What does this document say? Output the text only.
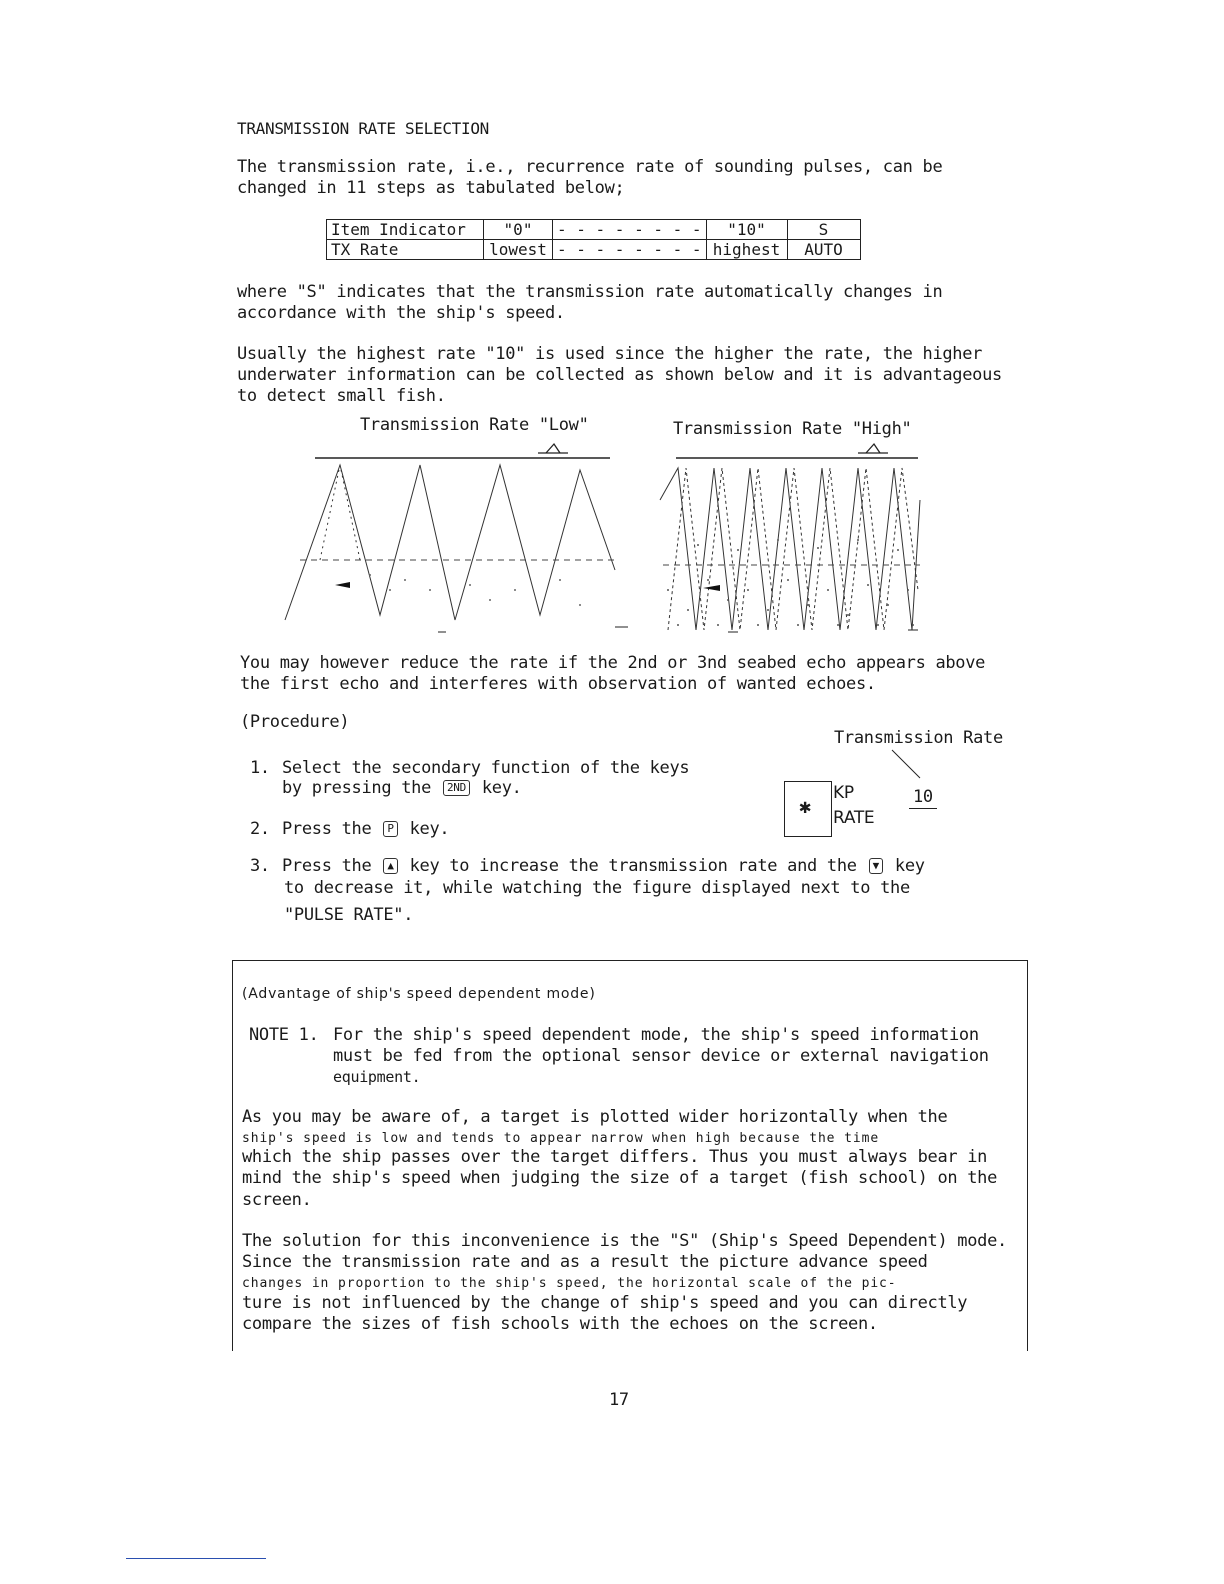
TRANSMISSION RATE SELECTION
The transmission rate, i.e., recurrence rate of sounding pulses, can be
changed in 11 steps as tabulated below;
Item Indicator	"0"	- - - - - - - -	"10"	S
TX Rate	lowest	- - - - - - - -	highest	AUTO
where "S" indicates that the transmission rate automatically changes in
accordance with the ship's speed.
Usually the highest rate "10" is used since the higher the rate, the higher
underwater information can be collected as shown below and it is advantageous
to detect small fish.
Transmission Rate "Low"	Transmission Rate "High"
You may however reduce the rate if the 2nd or 3nd seabed echo appears above
the first echo and interferes with observation of wanted echoes.
(Procedure)
1. Select the secondary function of the keys
by pressing the 2ND key.
2. Press the P key.
3. Press the ▲ key to increase the transmission rate and the ▼ key
to decrease it, while watching the figure displayed next to the
"PULSE RATE".
Transmission Rate
✱
KP
RATE
10
(Advantage of ship's speed dependent mode)
NOTE 1. For the ship's speed dependent mode, the ship's speed information
must be fed from the optional sensor device or external navigation
equipment.
As you may be aware of, a target is plotted wider horizontally when the
ship's speed is low and tends to appear narrow when high because the time
which the ship passes over the target differs. Thus you must always bear in
mind the ship's speed when judging the size of a target (fish school) on the
screen.
The solution for this inconvenience is the "S" (Ship's Speed Dependent) mode.
Since the transmission rate and as a result the picture advance speed
changes in proportion to the ship's speed, the horizontal scale of the pic-
ture is not influenced by the change of ship's speed and you can directly
compare the sizes of fish schools with the echoes on the screen.
17
